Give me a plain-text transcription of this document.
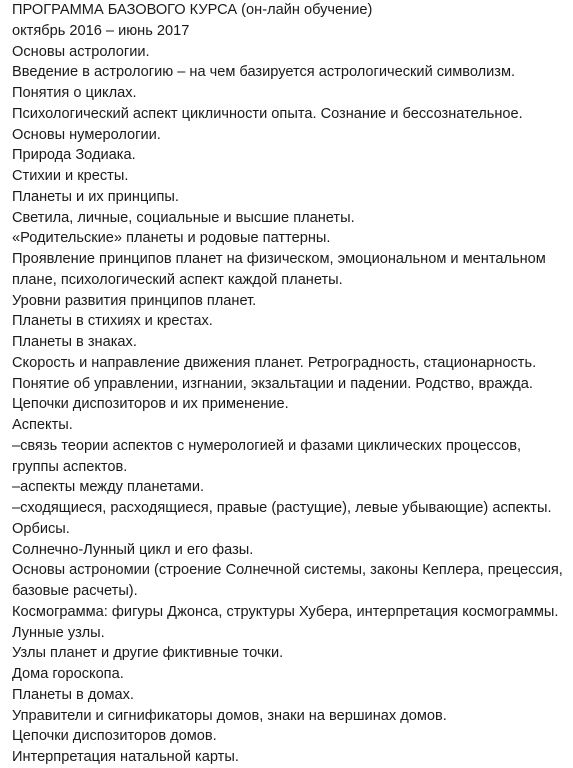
ПРОГРАММА БАЗОВОГО КУРСА (он-лайн обучение)
октябрь 2016 – июнь 2017
Основы астрологии.
Введение в астрологию – на чем базируется астрологический символизм.
Понятия о циклах.
Психологический аспект цикличности опыта. Сознание и бессознательное.
Основы нумерологии.
Природа Зодиака.
Стихии и кресты.
Планеты и их принципы.
Светила, личные, социальные и высшие планеты.
«Родительские» планеты и родовые паттерны.
Проявление принципов планет на физическом, эмоциональном и ментальном
плане, психологический аспект каждой планеты.
Уровни развития принципов планет.
Планеты в стихиях и крестах.
Планеты в знаках.
Скорость и направление движения планет. Ретроградность, стационарность.
Понятие об управлении, изгнании, экзальтации и падении. Родство, вражда.
Цепочки диспозиторов и их применение.
Аспекты.
–связь теории аспектов с нумерологией и фазами циклических процессов,
группы аспектов.
–аспекты между планетами.
–сходящиеся, расходящиеся, правые (растущие), левые убывающие) аспекты.
Орбисы.
Солнечно-Лунный цикл и его фазы.
Основы астрономии (строение Солнечной системы, законы Кеплера, прецессия,
базовые расчеты).
Космограмма: фигуры Джонса, структуры Хубера, интерпретация космограммы.
Лунные узлы.
Узлы планет и другие фиктивные точки.
Дома гороскопа.
Планеты в домах.
Управители и сигнификаторы домов, знаки на вершинах домов.
Цепочки диспозиторов домов.
Интерпретация натальной карты.
